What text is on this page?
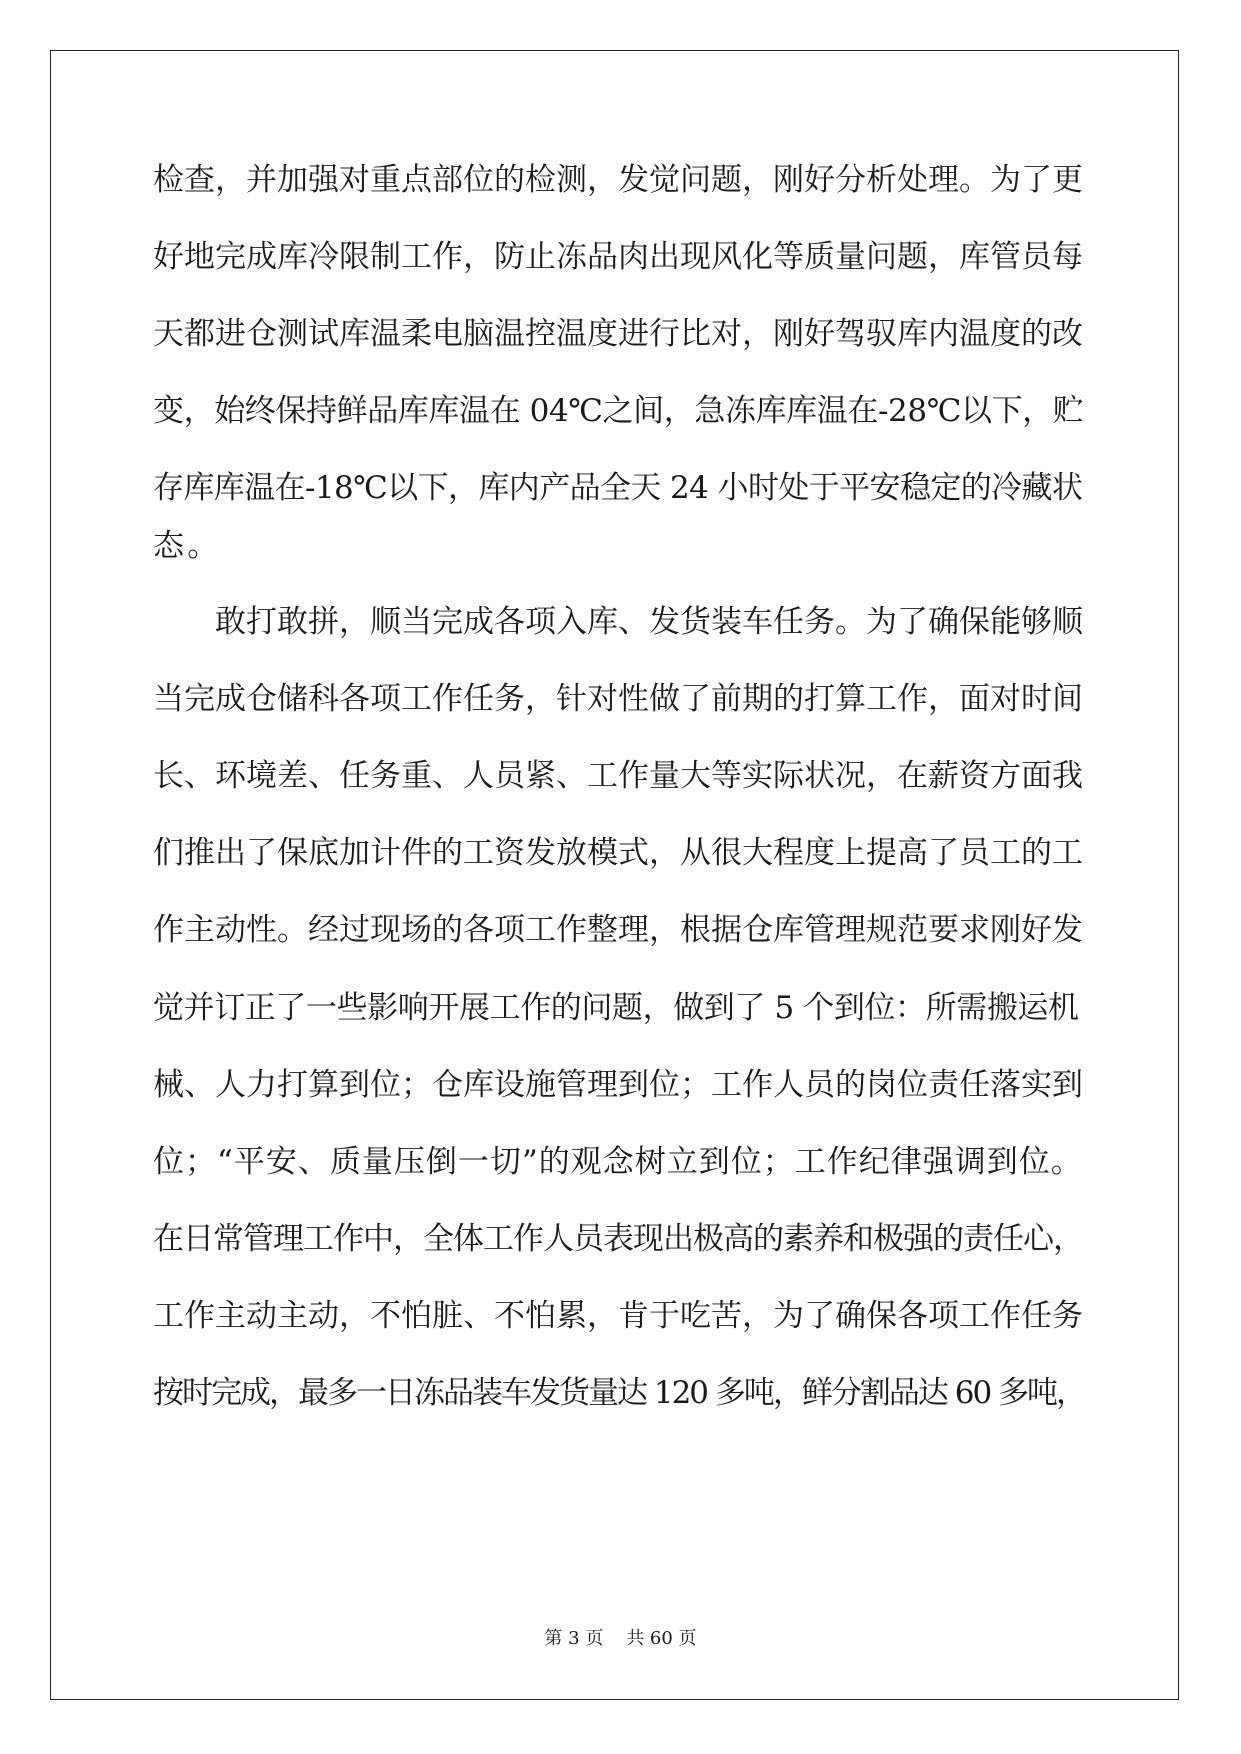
检查，并加强对重点部位的检测，发觉问题，刚好分析处理。为了更
好地完成库冷限制工作，防止冻品肉出现风化等质量问题，库管员每
天都进仓测试库温柔电脑温控温度进行比对，刚好驾驭库内温度的改
变，始终保持鲜品库库温在 04℃之间，急冻库库温在-28℃以下，贮
存库库温在-18℃以下，库内产品全天 24 小时处于平安稳定的冷藏状
态。
　　敢打敢拼，顺当完成各项入库、发货装车任务。为了确保能够顺
当完成仓储科各项工作任务，针对性做了前期的打算工作，面对时间
长、环境差、任务重、人员紧、工作量大等实际状况，在薪资方面我
们推出了保底加计件的工资发放模式，从很大程度上提高了员工的工
作主动性。经过现场的各项工作整理，根据仓库管理规范要求刚好发
觉并订正了一些影响开展工作的问题，做到了 5 个到位：所需搬运机
械、人力打算到位；仓库设施管理到位；工作人员的岗位责任落实到
位；“平安、质量压倒一切”的观念树立到位；工作纪律强调到位。
在日常管理工作中，全体工作人员表现出极高的素养和极强的责任心，
工作主动主动，不怕脏、不怕累，肯于吃苦，为了确保各项工作任务
按时完成，最多一日冻品装车发货量达 120 多吨，鲜分割品达 60 多吨，
第 3 页    共 60 页
